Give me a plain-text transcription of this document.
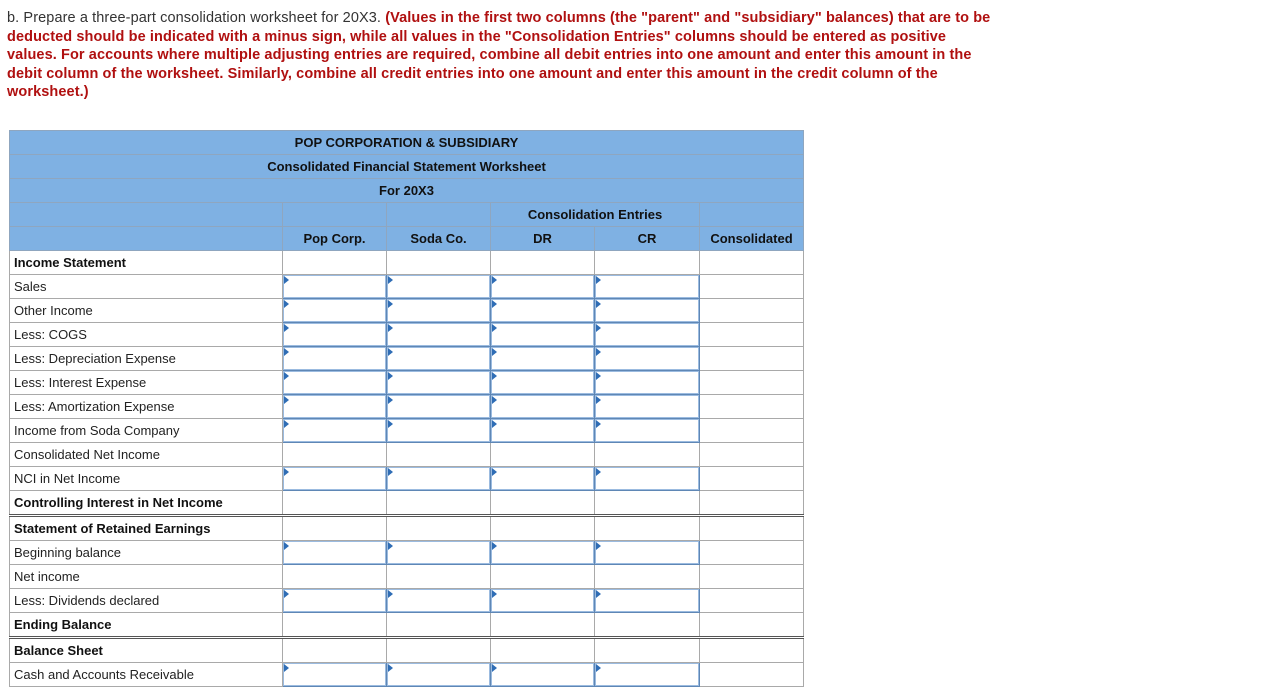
b. Prepare a three-part consolidation worksheet for 20X3. (Values in the first two columns (the "parent" and "subsidiary" balances) that are to be deducted should be indicated with a minus sign, while all values in the "Consolidation Entries" columns should be entered as positive values. For accounts where multiple adjusting entries are required, combine all debit entries into one amount and enter this amount in the debit column of the worksheet. Similarly, combine all credit entries into one amount and enter this amount in the credit column of the worksheet.)
POP CORPORATION & SUBSIDIARY					
Consolidated Financial Statement Worksheet					
For 20X3					
			Consolidation Entries		
	Pop Corp.	Soda Co.	DR	CR	Consolidated
Income Statement					
Sales	

Other Income	

Less: COGS	

Less: Depreciation Expense	

Less: Interest Expense	

Less: Amortization Expense	

Income from Soda Company	

Consolidated Net Income					
NCI in Net Income	

Controlling Interest in Net Income					
Statement of Retained Earnings					
Beginning balance	

Net income					
Less: Dividends declared	

Ending Balance					
Balance Sheet					
Cash and Accounts Receivable	
